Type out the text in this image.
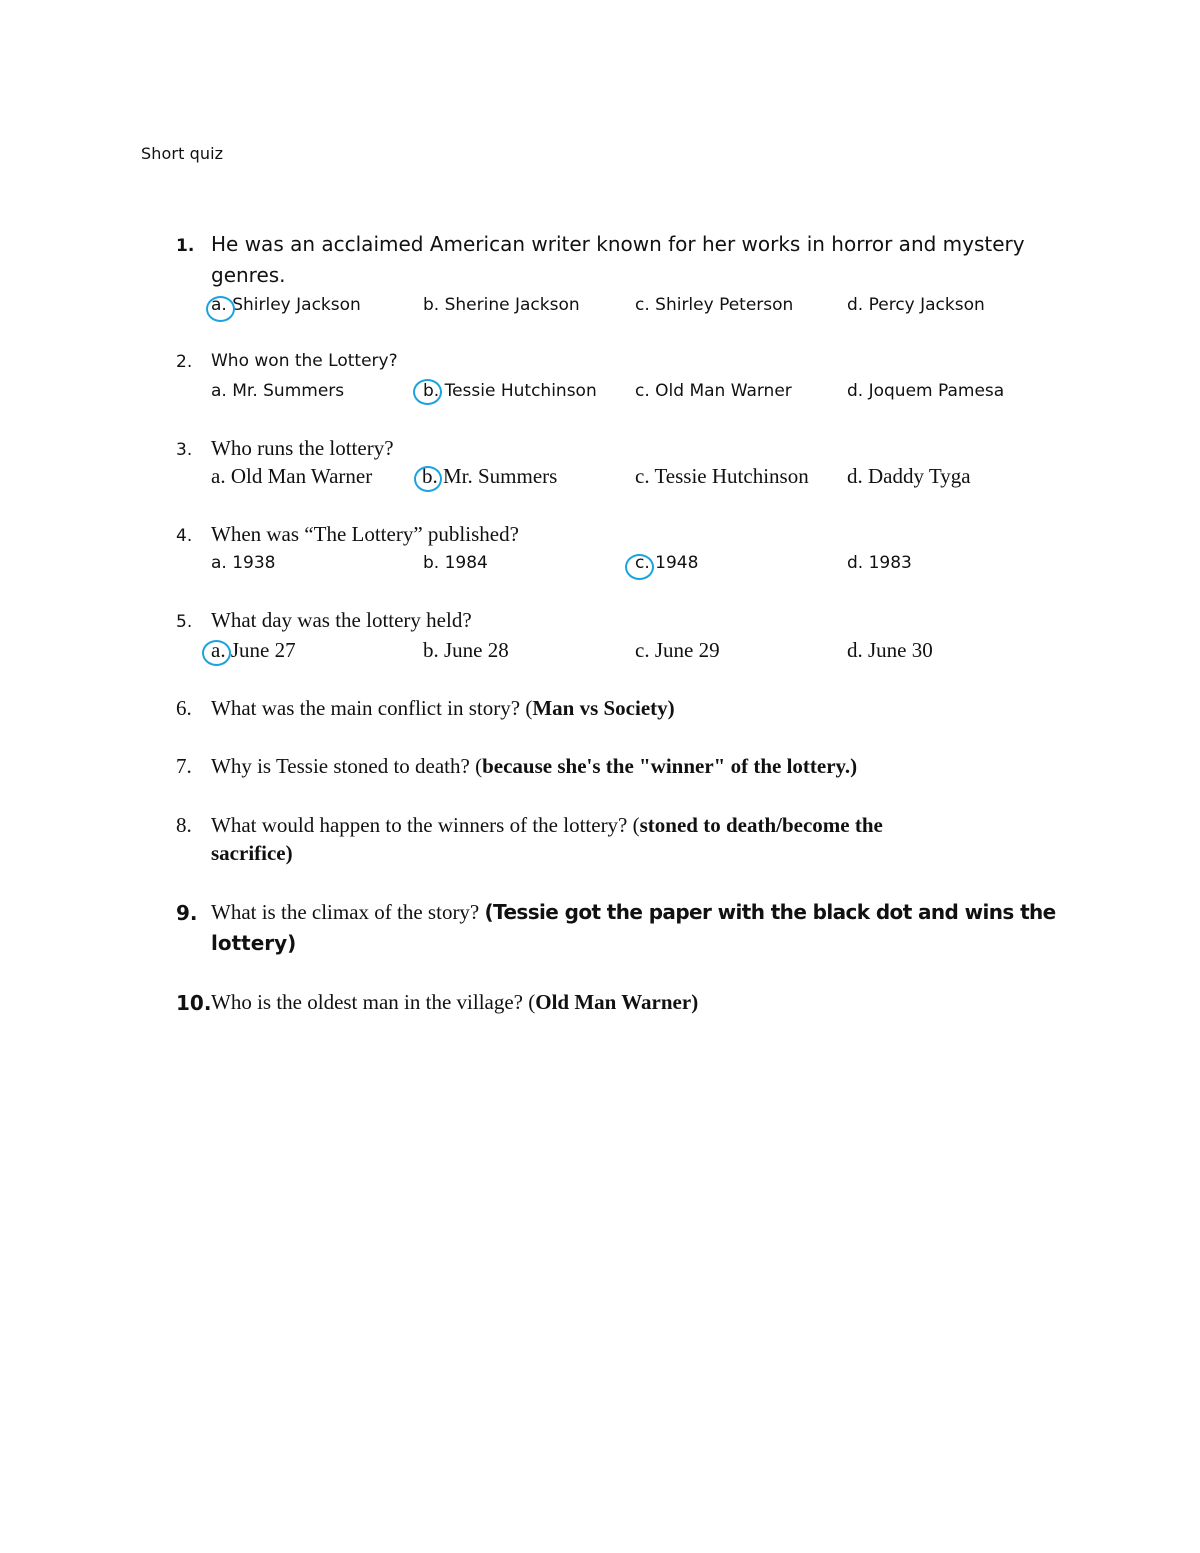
Short quiz
1. He was an acclaimed American writer known for her works in horror and mystery
genres.
a. Shirley Jackson	b. Sherine Jackson	c. Shirley Peterson	d. Percy Jackson
2.	Who won the Lottery?
a. Mr. Summers	b. Tessie Hutchinson c. Old Man Warner	d. Joquem Pamesa
3. Who runs the lottery?
a. Old Man Warner b. Mr. Summers	c. Tessie Hutchinson d. Daddy Tyga
4. When was “The Lottery” published?
a. 1938	b. 1984	c. 1948	d. 1983
5. What day was the lottery held?
a. June 27	b. June 28	c. June 29	d. June 30
6. What was the main conflict in story? (Man vs Society)
7. Why is Tessie stoned to death? (because she's the "winner" of the lottery.)
8. What would happen to the winners of the lottery? (stoned to death/become the
sacrifice)
9. What is the climax of the story? (Tessie got the paper with the black dot and wins the
lottery)
10. Who is the oldest man in the village? (Old Man Warner)
